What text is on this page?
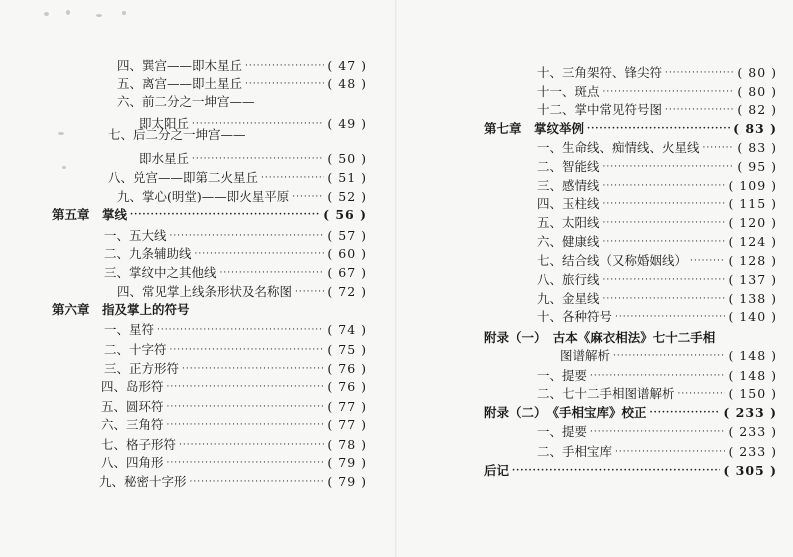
四、巽宫——即木星丘 ·····	( 47 )
五、离宫——即土星丘 ·····	( 48 )
六、前二分之一坤宫——
即太阳丘 ·····	( 49 )
七、后二分之一坤宫——
即水星丘 ·····	( 50 )
八、兑宫——即第二火星丘 ·····	( 51 )
九、掌心(明堂)——即火星平原 ·····	( 52 )
第五章　掌线 ·····	( 56 )
一、五大线 ·····	( 57 )
二、九条辅助线 ·····	( 60 )
三、掌纹中之其他线 ·····	( 67 )
四、常见掌上线条形状及名称图 ·····	( 72 )
第六章　指及掌上的符号
一、星符 ·····	( 74 )
二、十字符 ·····	( 75 )
三、正方形符 ·····	( 76 )
四、岛形符 ·····	( 76 )
五、圆环符 ·····	( 77 )
六、三角符 ·····	( 77 )
七、格子形符 ·····	( 78 )
八、四角形 ·····	( 79 )
九、秘密十字形 ·····	( 79 )
十、三角架符、锋尖符 ·····	( 80 )
十一、斑点 ·····	( 80 )
十二、掌中常见符号图 ·····	( 82 )
第七章　掌纹举例 ·····	( 83 )
一、生命线、痴情线、火星线 ·····	( 83 )
二、智能线 ·····	( 95 )
三、感情线 ·····	( 109 )
四、玉柱线 ·····	( 115 )
五、太阳线 ·····	( 120 )
六、健康线 ·····	( 124 )
七、结合线（又称婚姻线） ·····	( 128 )
八、旅行线 ·····	( 137 )
九、金星线 ·····	( 138 )
十、各种符号 ·····	( 140 )
附录（一）　古本《麻衣相法》七十二手相
图谱解析 ·····	( 148 )
一、提要 ·····	( 148 )
二、七十二手相图谱解析 ·····	( 150 )
附录（二）　《手相宝库》校正 ·····	( 233 )
一、提要 ·····	( 233 )
二、手相宝库 ·····	( 233 )
后记 ·····	( 305 )
